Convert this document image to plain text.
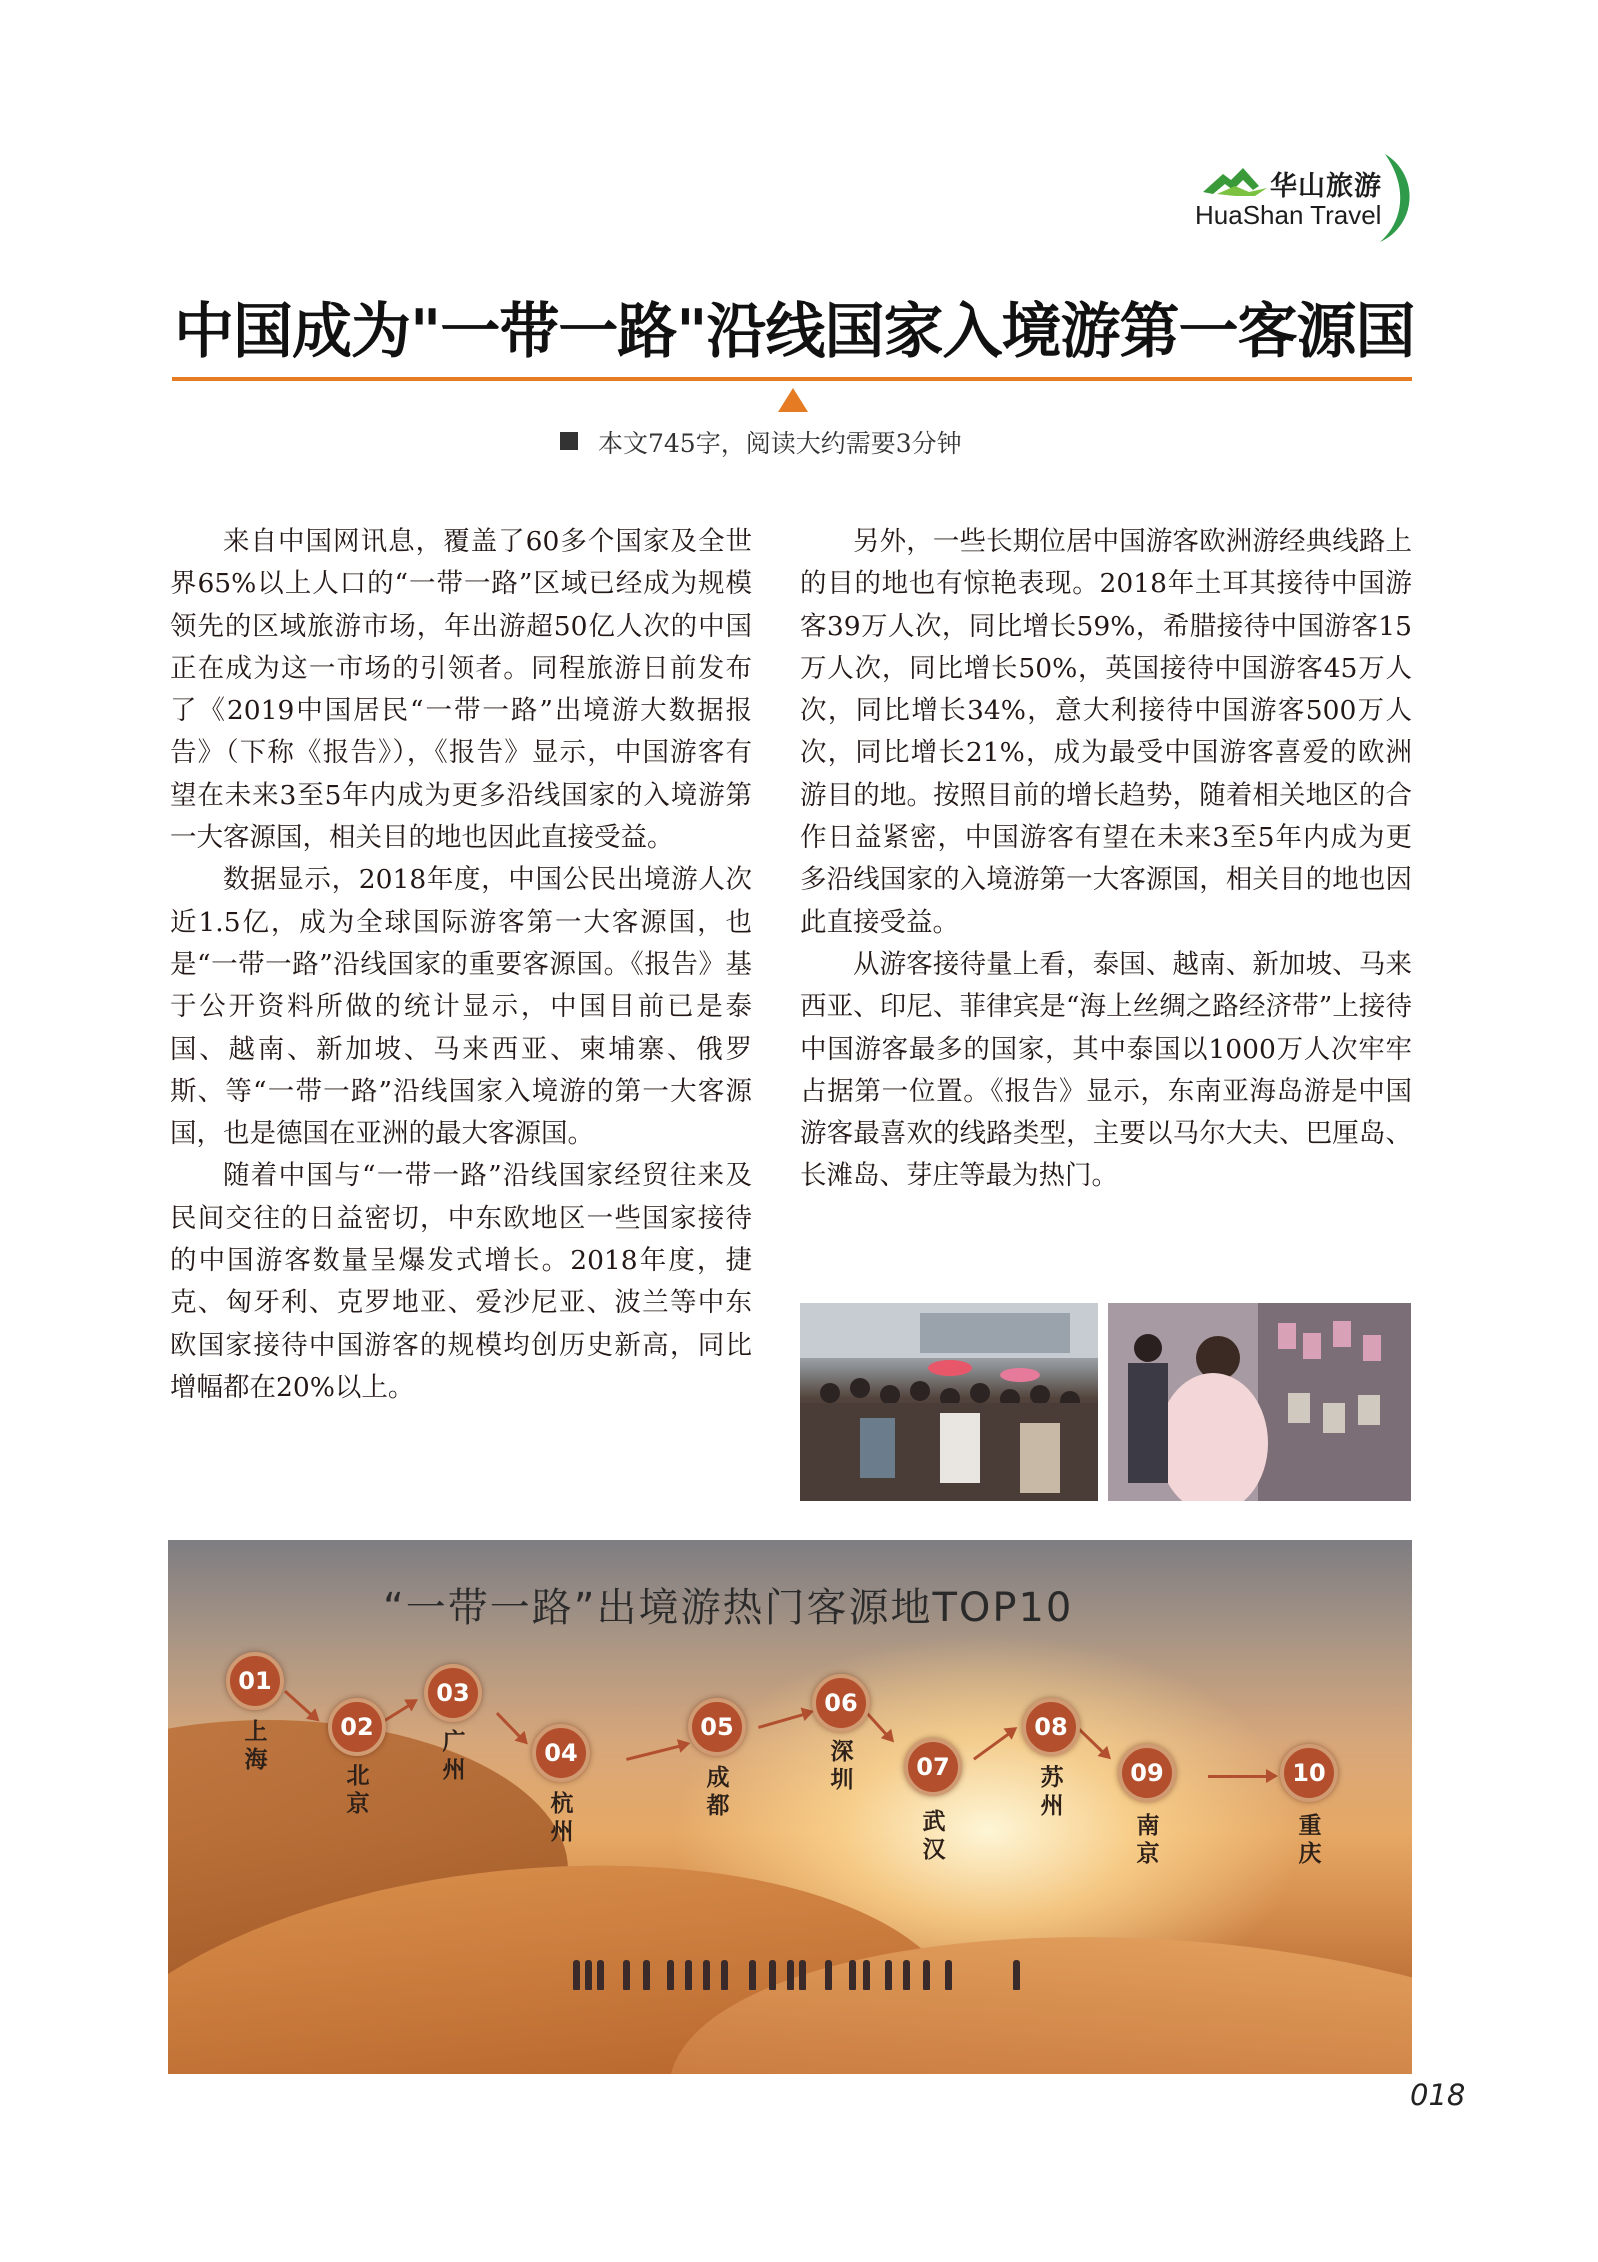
华山旅游
HuaShan Travel
中国成为"一带一路"沿线国家入境游第一客源国
本文745字，阅读大约需要3分钟

来自中国网讯息，覆盖了60多个国家及全世界65%以上人口的“一带一路”区域已经成为规模领先的区域旅游市场，年出游超50亿人次的中国正在成为这一市场的引领者。同程旅游日前发布了《2019中国居民“一带一路”出境游大数据报告》（下称《报告》），《报告》显示，中国游客有望在未来3至5年内成为更多沿线国家的入境游第一大客源国，相关目的地也因此直接受益。

数据显示，2018年度，中国公民出境游人次近1.5亿，成为全球国际游客第一大客源国，也是“一带一路”沿线国家的重要客源国。《报告》基于公开资料所做的统计显示，中国目前已是泰国、越南、新加坡、马来西亚、柬埔寨、俄罗斯、等“一带一路”沿线国家入境游的第一大客源国，也是德国在亚洲的最大客源国。

随着中国与“一带一路”沿线国家经贸往来及民间交往的日益密切，中东欧地区一些国家接待的中国游客数量呈爆发式增长。2018年度，捷克、匈牙利、克罗地亚、爱沙尼亚、波兰等中东欧国家接待中国游客的规模均创历史新高，同比增幅都在20%以上。

另外，一些长期位居中国游客欧洲游经典线路上的目的地也有惊艳表现。2018年土耳其接待中国游客39万人次，同比增长59%，希腊接待中国游客15万人次，同比增长50%，英国接待中国游客45万人次，同比增长34%，意大利接待中国游客500万人次，同比增长21%，成为最受中国游客喜爱的欧洲游目的地。按照目前的增长趋势，随着相关地区的合作日益紧密，中国游客有望在未来3至5年内成为更多沿线国家的入境游第一大客源国，相关目的地也因此直接受益。

从游客接待量上看，泰国、越南、新加坡、马来西亚、印尼、菲律宾是“海上丝绸之路经济带”上接待中国游客最多的国家，其中泰国以1000万人次牢牢占据第一位置。《报告》显示，东南亚海岛游是中国游客最喜欢的线路类型，主要以马尔大夫、巴厘岛、长滩岛、芽庄等最为热门。

“一带一路”出境游热门客源地TOP10
01
上海
02
北京
03
广州
04
杭州
05
成都
06
深圳	07
武汉
08
苏州
09
南京
10
重庆
018
